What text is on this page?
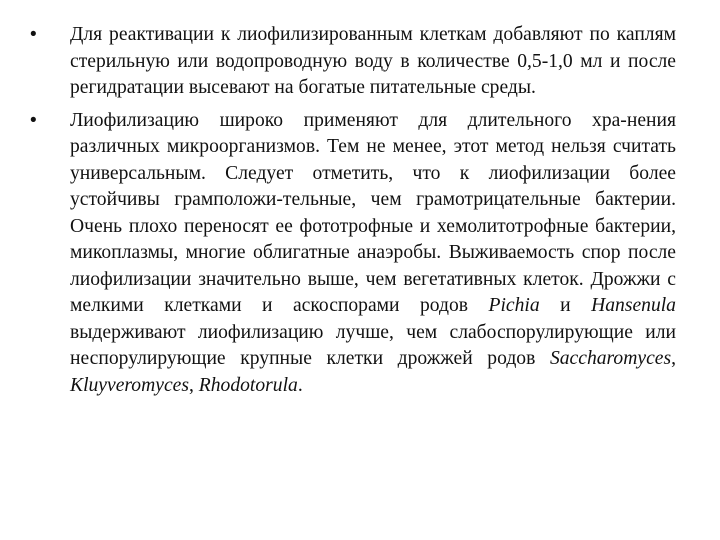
•	Для реактивации к лиофилизированным клеткам добавляют по каплям стерильную или водопроводную воду в количестве 0,5-1,0 мл и после регидратации высевают на богатые питательные среды.
•	Лиофилизацию широко применяют для длительного хра-нения различных микроорганизмов. Тем не менее, этот метод нельзя считать универсальным. Следует отметить, что к лиофилизации более устойчивы грамположи-тельные, чем грамотрицательные бактерии. Очень плохо переносят ее фототрофные и хемолитотрофные бактерии, микоплазмы, многие облигатные анаэробы. Выживаемость спор после лиофилизации значительно выше, чем вегетативных клеток. Дрожжи с мелкими клетками и аскоспорами родов Pichia и Hansenula выдерживают лиофилизацию лучше, чем слабоспорулирующие или неспорулирующие крупные клетки дрожжей родов Saccharomyces, Kluyveromyces, Rhodotorula.
